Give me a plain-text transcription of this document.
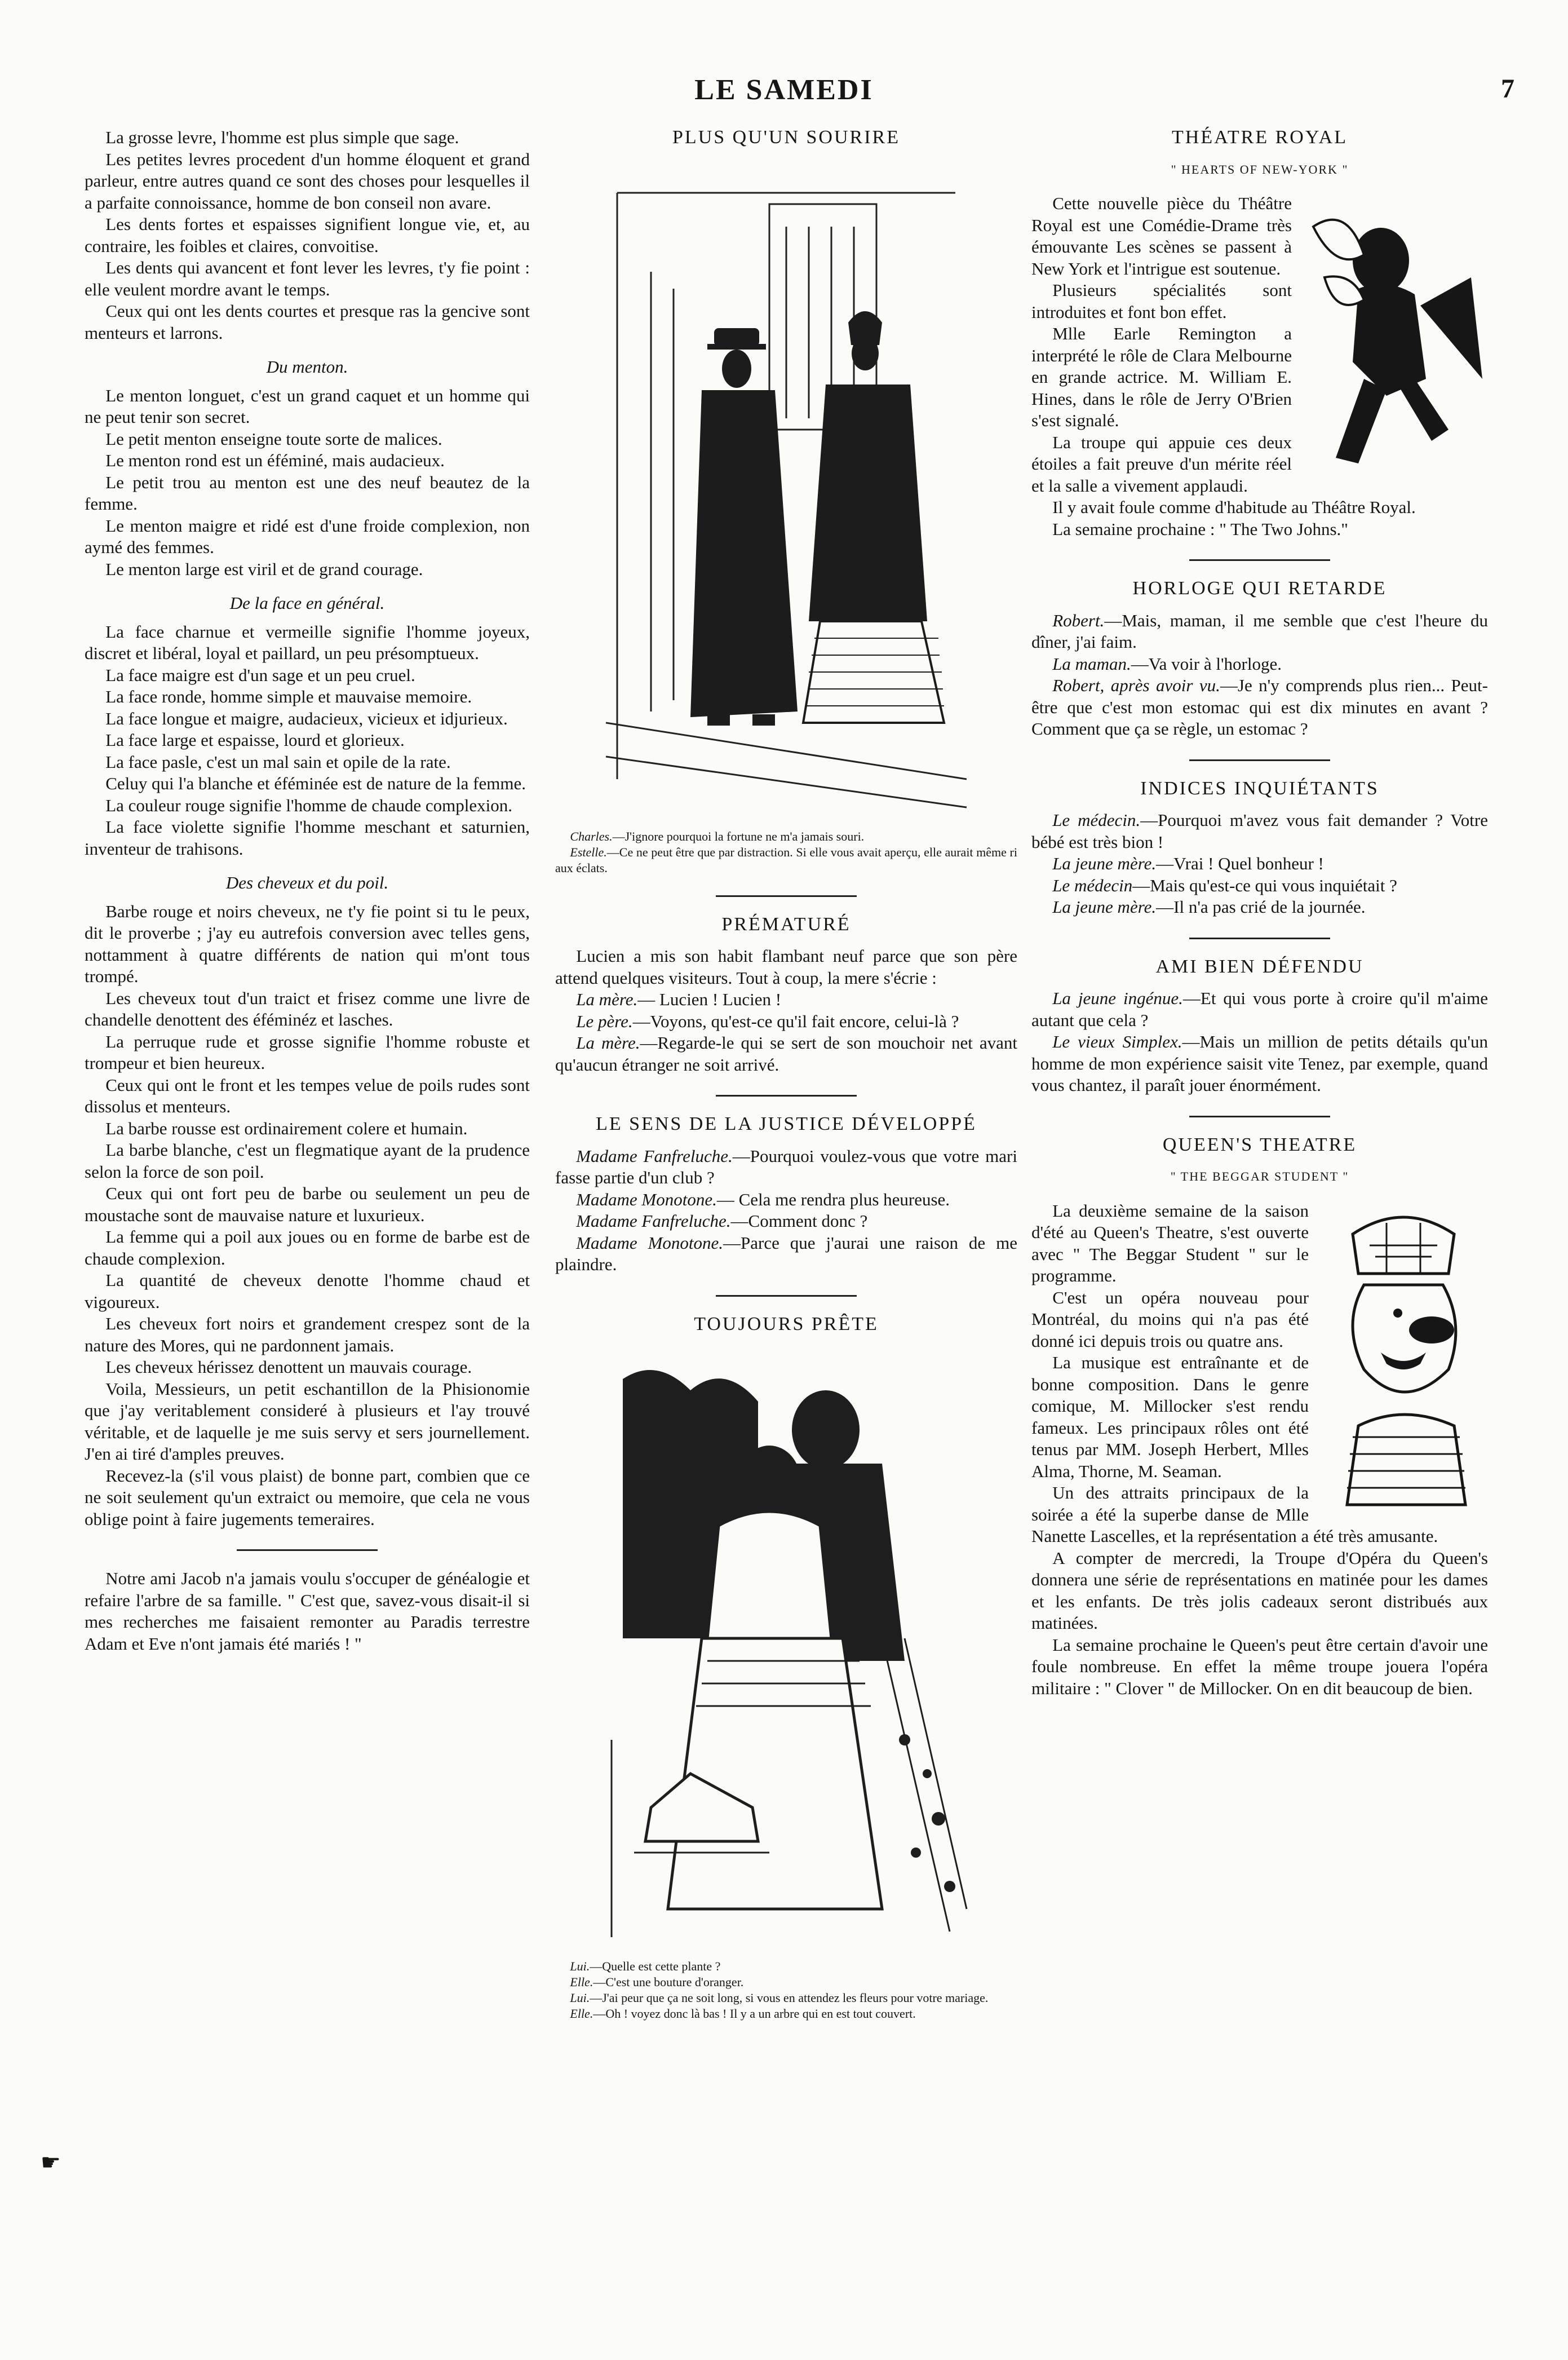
LE SAMEDI	7
☛

La grosse levre, l'homme est plus simple que sage.

Les petites levres procedent d'un homme éloquent et grand parleur, entre autres quand ce sont des choses pour lesquelles il a parfaite connoissance, homme de bon conseil non avare.

Les dents fortes et espaisses signifient longue vie, et, au contraire, les foibles et claires, convoitise.

Les dents qui avancent et font lever les levres, t'y fie point : elle veulent mordre avant le temps.

Ceux qui ont les dents courtes et presque ras la gencive sont menteurs et larrons.

Du menton.

Le menton longuet, c'est un grand caquet et un homme qui ne peut tenir son secret.

Le petit menton enseigne toute sorte de malices.

Le menton rond est un éféminé, mais audacieux.

Le petit trou au menton est une des neuf beautez de la femme.

Le menton maigre et ridé est d'une froide complexion, non aymé des femmes.

Le menton large est viril et de grand courage.

De la face en général.

La face charnue et vermeille signifie l'homme joyeux, discret et libéral, loyal et paillard, un peu présomptueux.

La face maigre est d'un sage et un peu cruel.

La face ronde, homme simple et mauvaise memoire.

La face longue et maigre, audacieux, vicieux et idjurieux.

La face large et espaisse, lourd et glorieux.

La face pasle, c'est un mal sain et opile de la rate.

Celuy qui l'a blanche et éféminée est de nature de la femme.

La couleur rouge signifie l'homme de chaude complexion.

La face violette signifie l'homme meschant et saturnien, inventeur de trahisons.

Des cheveux et du poil.

Barbe rouge et noirs cheveux, ne t'y fie point si tu le peux, dit le proverbe ; j'ay eu autrefois conversion avec telles gens, nottamment à quatre différents de nation qui m'ont tous trompé.

Les cheveux tout d'un traict et frisez comme une livre de chandelle denottent des éféminéz et lasches.

La perruque rude et grosse signifie l'homme robuste et trompeur et bien heureux.

Ceux qui ont le front et les tempes velue de poils rudes sont dissolus et menteurs.

La barbe rousse est ordinairement colere et humain.

La barbe blanche, c'est un flegmatique ayant de la prudence selon la force de son poil.

Ceux qui ont fort peu de barbe ou seulement un peu de moustache sont de mauvaise nature et luxurieux.

La femme qui a poil aux joues ou en forme de barbe est de chaude complexion.

La quantité de cheveux denotte l'homme chaud et vigoureux.

Les cheveux fort noirs et grandement crespez sont de la nature des Mores, qui ne pardonnent jamais.

Les cheveux hérissez denottent un mauvais courage.

Voila, Messieurs, un petit eschantillon de la Phisionomie que j'ay veritablement consideré à plusieurs et l'ay trouvé véritable, et de laquelle je me suis servy et sers journellement. J'en ai tiré d'amples preuves.

Recevez-la (s'il vous plaist) de bonne part, combien que ce ne soit seulement qu'un extraict ou memoire, que cela ne vous oblige point à faire jugements temeraires.

Notre ami Jacob n'a jamais voulu s'occuper de généalogie et refaire l'arbre de sa famille. " C'est que, savez-vous disait-il si mes recherches me faisaient remonter au Paradis terrestre Adam et Eve n'ont jamais été mariés ! "

PLUS QU'UN SOURIRE

Charles.—J'ignore pourquoi la fortune ne m'a jamais souri.

Estelle.—Ce ne peut être que par distraction. Si elle vous avait aperçu, elle aurait même ri aux éclats.

PRÉMATURÉ

Lucien a mis son habit flambant neuf parce que son père attend quelques visiteurs. Tout à coup, la mere s'écrie :

La mère.— Lucien ! Lucien !

Le père.—Voyons, qu'est-ce qu'il fait encore, celui-là ?

La mère.—Regarde-le qui se sert de son mouchoir net avant qu'aucun étranger ne soit arrivé.

LE SENS DE LA JUSTICE DÉVELOPPÉ

Madame Fanfreluche.—Pourquoi voulez-vous que votre mari fasse partie d'un club ?

Madame Monotone.— Cela me rendra plus heureuse.

Madame Fanfreluche.—Comment donc ?

Madame Monotone.—Parce que j'aurai une raison de me plaindre.

TOUJOURS PRÊTE

Lui.—Quelle est cette plante ?

Elle.—C'est une bouture d'oranger.

Lui.—J'ai peur que ça ne soit long, si vous en attendez les fleurs pour votre mariage.

Elle.—Oh ! voyez donc là bas ! Il y a un arbre qui en est tout couvert.

THÉATRE ROYAL
" HEARTS OF NEW-YORK "

Cette nouvelle pièce du Théâtre Royal est une Comédie-Drame très émouvante Les scènes se passent à New York et l'intrigue est soutenue.

Plusieurs spécialités sont introduites et font bon effet.

Mlle Earle Remington a interprété le rôle de Clara Melbourne en grande actrice. M. William E. Hines, dans le rôle de Jerry O'Brien s'est signalé.

La troupe qui appuie ces deux étoiles a fait preuve d'un mérite réel et la salle a vivement applaudi.

Il y avait foule comme d'habitude au Théâtre Royal.

La semaine prochaine : " The Two Johns."

HORLOGE QUI RETARDE

Robert.—Mais, maman, il me semble que c'est l'heure du dîner, j'ai faim.

La maman.—Va voir à l'horloge.

Robert, après avoir vu.—Je n'y comprends plus rien... Peut-être que c'est mon estomac qui est dix minutes en avant ? Comment que ça se règle, un estomac ?

INDICES INQUIÉTANTS

Le médecin.—Pourquoi m'avez vous fait demander ? Votre bébé est très bion !

La jeune mère.—Vrai ! Quel bonheur !

Le médecin—Mais qu'est-ce qui vous inquiétait ?

La jeune mère.—Il n'a pas crié de la journée.

AMI BIEN DÉFENDU

La jeune ingénue.—Et qui vous porte à croire qu'il m'aime autant que cela ?

Le vieux Simplex.—Mais un million de petits détails qu'un homme de mon expérience saisit vite Tenez, par exemple, quand vous chantez, il paraît jouer énormément.

QUEEN'S THEATRE
" THE BEGGAR STUDENT "

La deuxième semaine de la saison d'été au Queen's Theatre, s'est ouverte avec " The Beggar Student " sur le programme.

C'est un opéra nouveau pour Montréal, du moins qui n'a pas été donné ici depuis trois ou quatre ans.

La musique est entraînante et de bonne composition. Dans le genre comique, M. Millocker s'est rendu fameux. Les principaux rôles ont été tenus par MM. Joseph Herbert, Mlles Alma, Thorne, M. Seaman.

Un des attraits principaux de la soirée a été la superbe danse de Mlle Nanette Lascelles, et la représentation a été très amusante.

A compter de mercredi, la Troupe d'Opéra du Queen's donnera une série de représentations en matinée pour les dames et les enfants. De très jolis cadeaux seront distribués aux matinées.

La semaine prochaine le Queen's peut être certain d'avoir une foule nombreuse. En effet la même troupe jouera l'opéra militaire : " Clover " de Millocker. On en dit beaucoup de bien.
